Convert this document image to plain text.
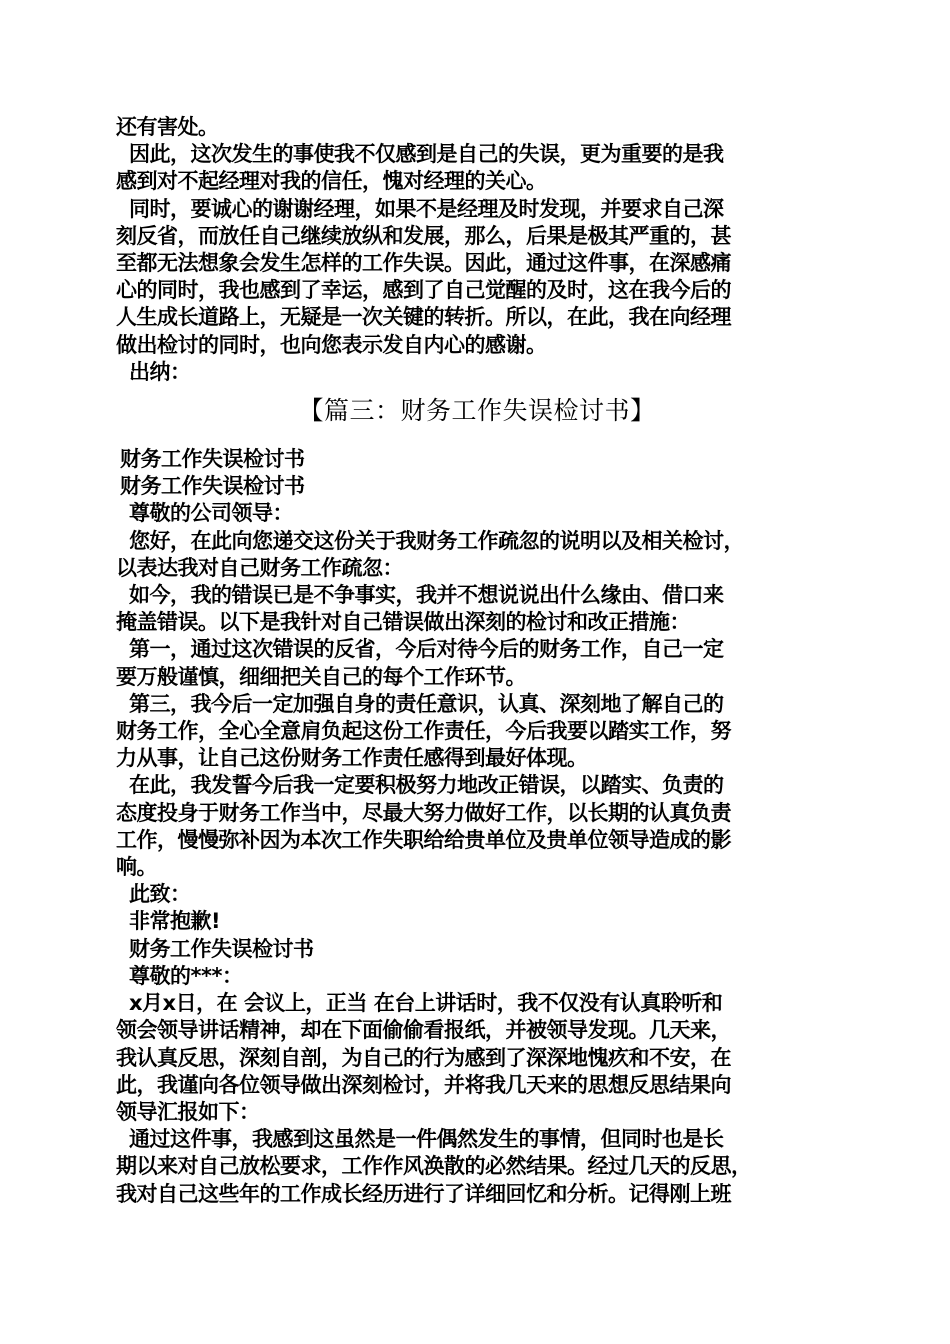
还有害处。
因此，这次发生的事使我不仅感到是自己的失误，更为重要的是我
感到对不起经理对我的信任，愧对经理的关心。
同时，要诚心的谢谢经理，如果不是经理及时发现，并要求自己深
刻反省，而放任自己继续放纵和发展，那么，后果是极其严重的，甚
至都无法想象会发生怎样的工作失误。因此，通过这件事，在深感痛
心的同时，我也感到了幸运，感到了自己觉醒的及时，这在我今后的
人生成长道路上，无疑是一次关键的转折。所以，在此，我在向经理
做出检讨的同时，也向您表示发自内心的感谢。
出纳：
【篇三：财务工作失误检讨书】
财务工作失误检讨书
财务工作失误检讨书
尊敬的公司领导：
您好，在此向您递交这份关于我财务工作疏忽的说明以及相关检讨，
以表达我对自己财务工作疏忽：
如今，我的错误已是不争事实，我并不想说说出什么缘由、借口来
掩盖错误。以下是我针对自己错误做出深刻的检讨和改正措施：
第一，通过这次错误的反省，今后对待今后的财务工作，自己一定
要万般谨慎，细细把关自己的每个工作环节。
第三，我今后一定加强自身的责任意识，认真、深刻地了解自己的
财务工作，全心全意肩负起这份工作责任，今后我要以踏实工作，努
力从事，让自己这份财务工作责任感得到最好体现。
在此，我发誓今后我一定要积极努力地改正错误，以踏实、负责的
态度投身于财务工作当中，尽最大努力做好工作，以长期的认真负责
工作，慢慢弥补因为本次工作失职给给贵单位及贵单位领导造成的影
响。
此致：
非常抱歉!
财务工作失误检讨书
尊敬的***：
x月x日，在 会议上，正当 在台上讲话时，我不仅没有认真聆听和
领会领导讲话精神，却在下面偷偷看报纸，并被领导发现。几天来，
我认真反思，深刻自剖，为自己的行为感到了深深地愧疚和不安，在
此，我谨向各位领导做出深刻检讨，并将我几天来的思想反思结果向
领导汇报如下：
通过这件事，我感到这虽然是一件偶然发生的事情，但同时也是长
期以来对自己放松要求，工作作风涣散的必然结果。经过几天的反思，
我对自己这些年的工作成长经历进行了详细回忆和分析。记得刚上班
